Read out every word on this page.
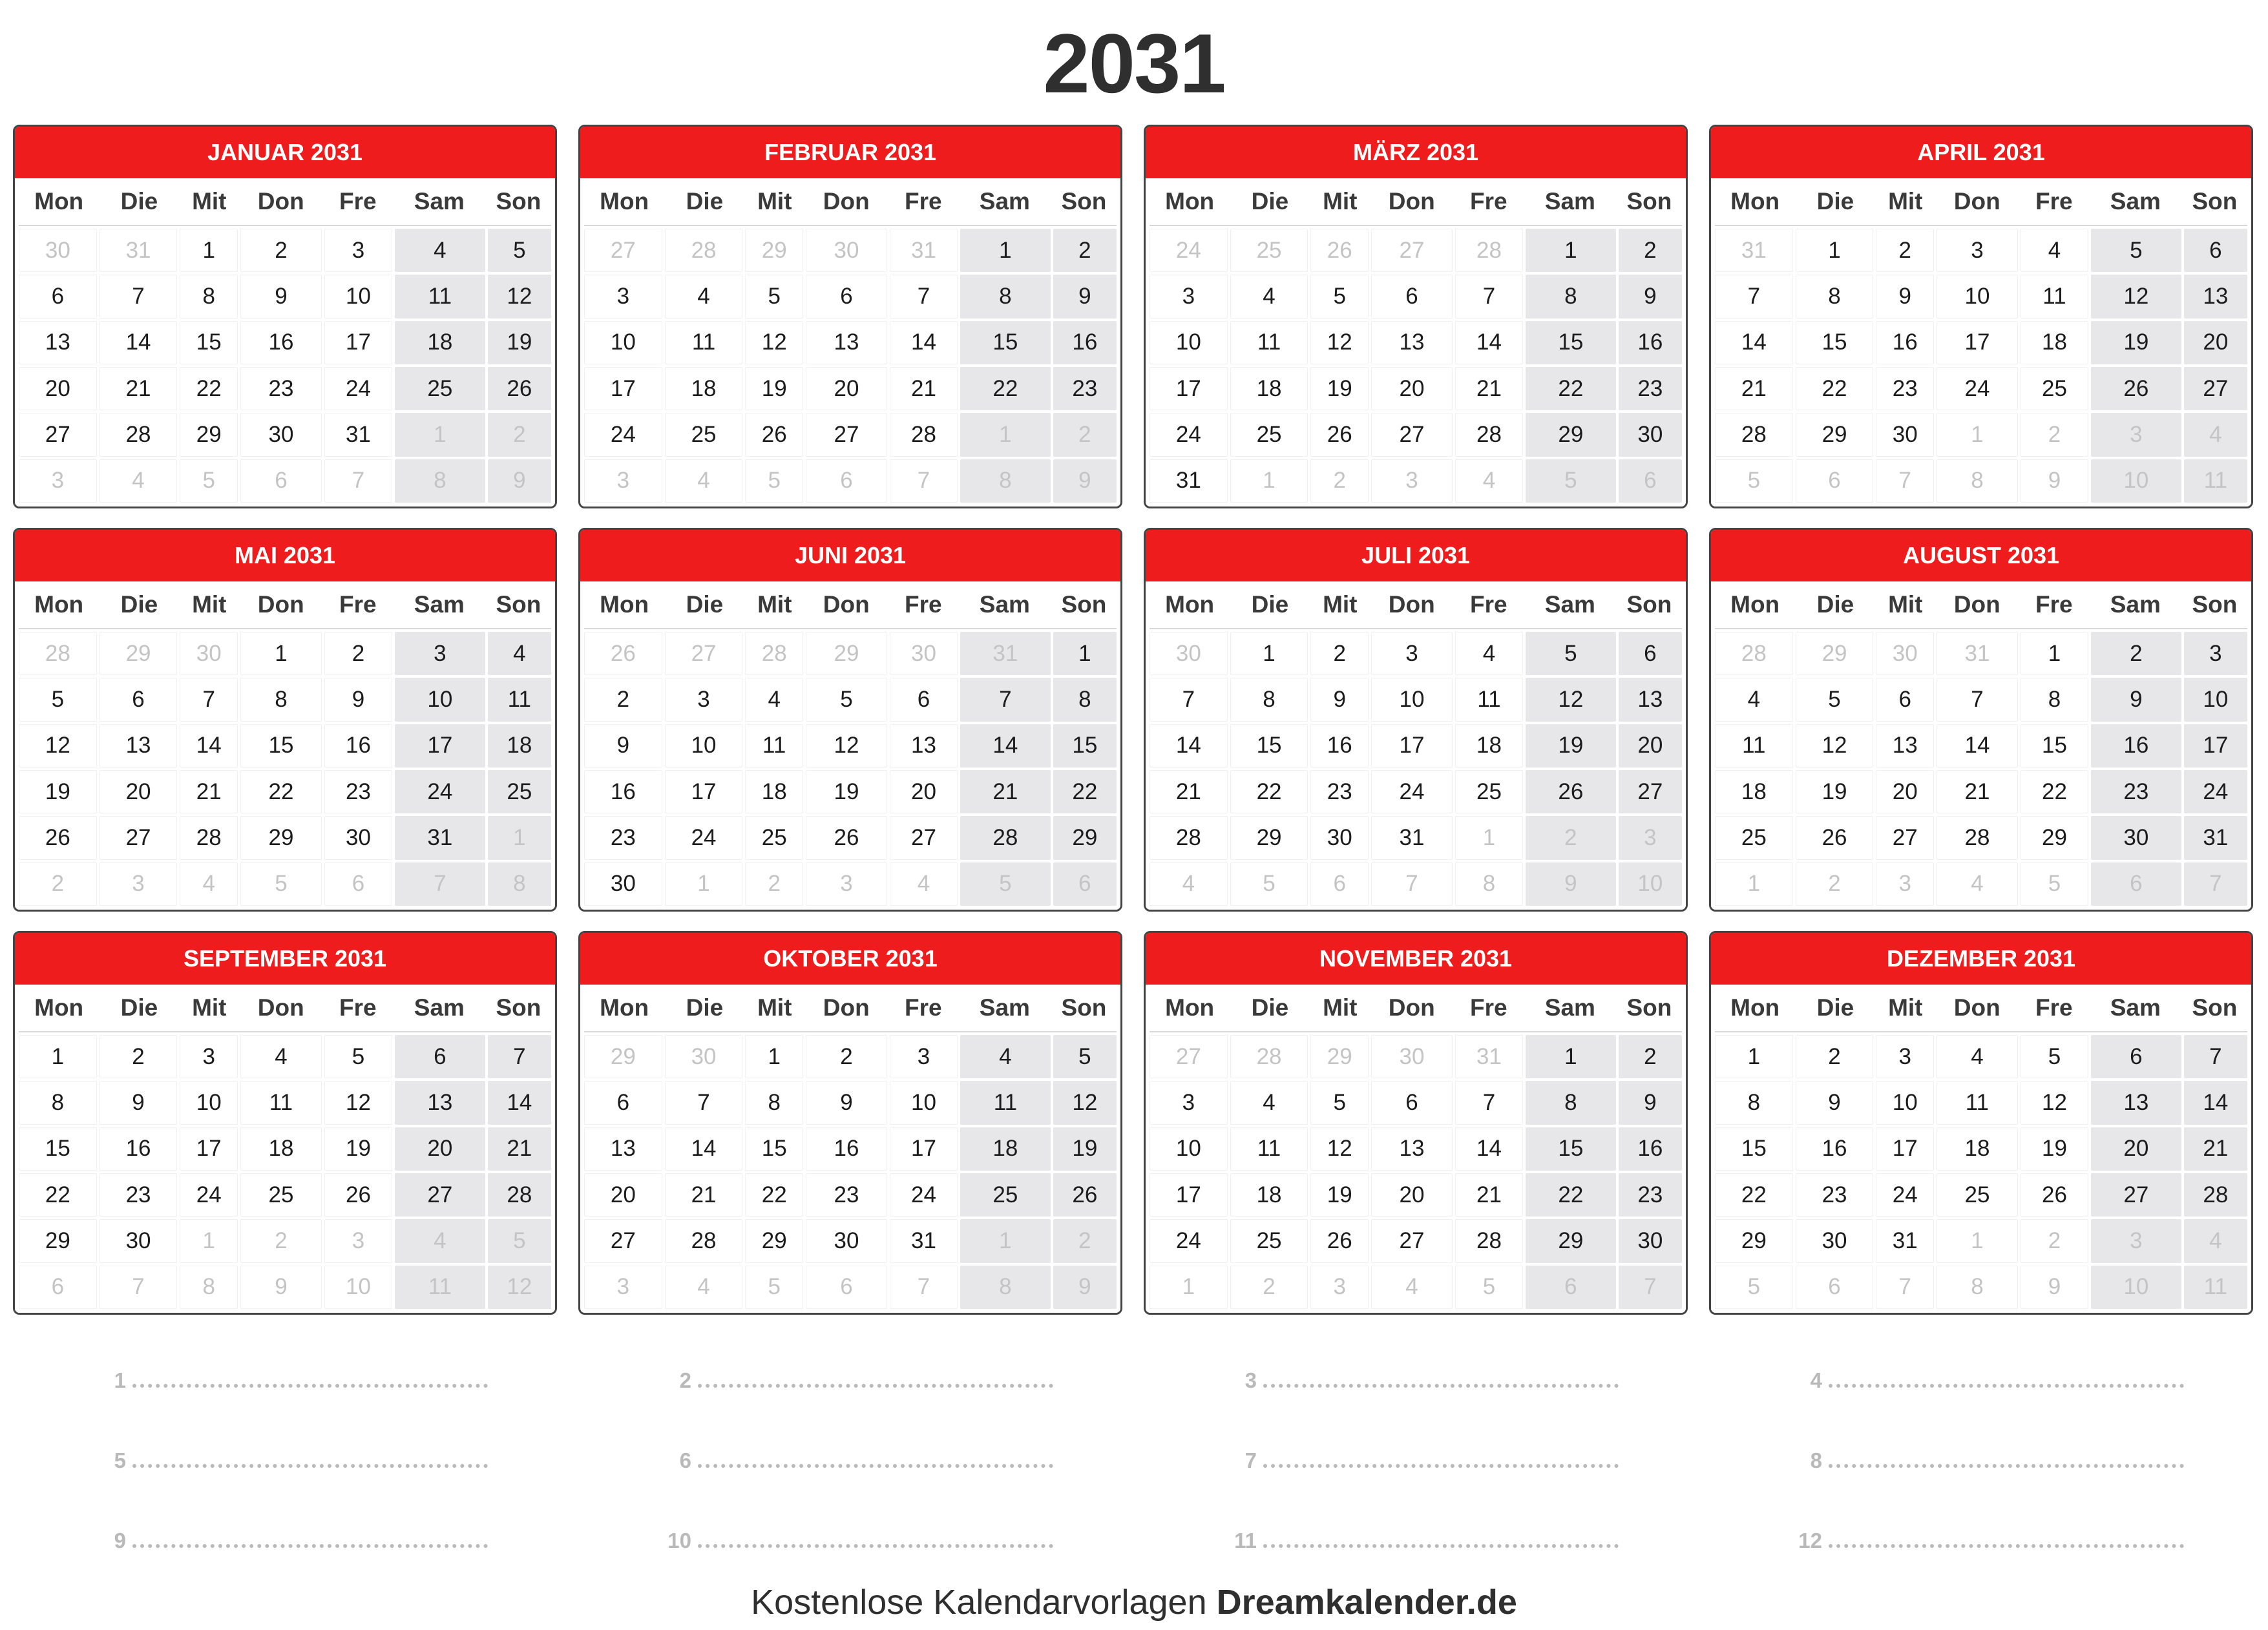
2031
JANUAR 2031
Mon	Die	Mit	Don	Fre	Sam	Son
30	31	1	2	3	4	5
6	7	8	9	10	11	12
13	14	15	16	17	18	19
20	21	22	23	24	25	26
27	28	29	30	31	1	2
3	4	5	6	7	8	9
FEBRUAR 2031
Mon	Die	Mit	Don	Fre	Sam	Son
27	28	29	30	31	1	2
3	4	5	6	7	8	9
10	11	12	13	14	15	16
17	18	19	20	21	22	23
24	25	26	27	28	1	2
3	4	5	6	7	8	9
MÄRZ 2031
Mon	Die	Mit	Don	Fre	Sam	Son
24	25	26	27	28	1	2
3	4	5	6	7	8	9
10	11	12	13	14	15	16
17	18	19	20	21	22	23
24	25	26	27	28	29	30
31	1	2	3	4	5	6
APRIL 2031
Mon	Die	Mit	Don	Fre	Sam	Son
31	1	2	3	4	5	6
7	8	9	10	11	12	13
14	15	16	17	18	19	20
21	22	23	24	25	26	27
28	29	30	1	2	3	4
5	6	7	8	9	10	11
MAI 2031
Mon	Die	Mit	Don	Fre	Sam	Son
28	29	30	1	2	3	4
5	6	7	8	9	10	11
12	13	14	15	16	17	18
19	20	21	22	23	24	25
26	27	28	29	30	31	1
2	3	4	5	6	7	8
JUNI 2031
Mon	Die	Mit	Don	Fre	Sam	Son
26	27	28	29	30	31	1
2	3	4	5	6	7	8
9	10	11	12	13	14	15
16	17	18	19	20	21	22
23	24	25	26	27	28	29
30	1	2	3	4	5	6
JULI 2031
Mon	Die	Mit	Don	Fre	Sam	Son
30	1	2	3	4	5	6
7	8	9	10	11	12	13
14	15	16	17	18	19	20
21	22	23	24	25	26	27
28	29	30	31	1	2	3
4	5	6	7	8	9	10
AUGUST 2031
Mon	Die	Mit	Don	Fre	Sam	Son
28	29	30	31	1	2	3
4	5	6	7	8	9	10
11	12	13	14	15	16	17
18	19	20	21	22	23	24
25	26	27	28	29	30	31
1	2	3	4	5	6	7
SEPTEMBER 2031
Mon	Die	Mit	Don	Fre	Sam	Son
1	2	3	4	5	6	7
8	9	10	11	12	13	14
15	16	17	18	19	20	21
22	23	24	25	26	27	28
29	30	1	2	3	4	5
6	7	8	9	10	11	12
OKTOBER 2031
Mon	Die	Mit	Don	Fre	Sam	Son
29	30	1	2	3	4	5
6	7	8	9	10	11	12
13	14	15	16	17	18	19
20	21	22	23	24	25	26
27	28	29	30	31	1	2
3	4	5	6	7	8	9
NOVEMBER 2031
Mon	Die	Mit	Don	Fre	Sam	Son
27	28	29	30	31	1	2
3	4	5	6	7	8	9
10	11	12	13	14	15	16
17	18	19	20	21	22	23
24	25	26	27	28	29	30
1	2	3	4	5	6	7
DEZEMBER 2031
Mon	Die	Mit	Don	Fre	Sam	Son
1	2	3	4	5	6	7
8	9	10	11	12	13	14
15	16	17	18	19	20	21
22	23	24	25	26	27	28
29	30	31	1	2	3	4
5	6	7	8	9	10	11
1	2	3	4
5	6	7	8
9	10	11	12
Kostenlose Kalendarvorlagen Dreamkalender.de
